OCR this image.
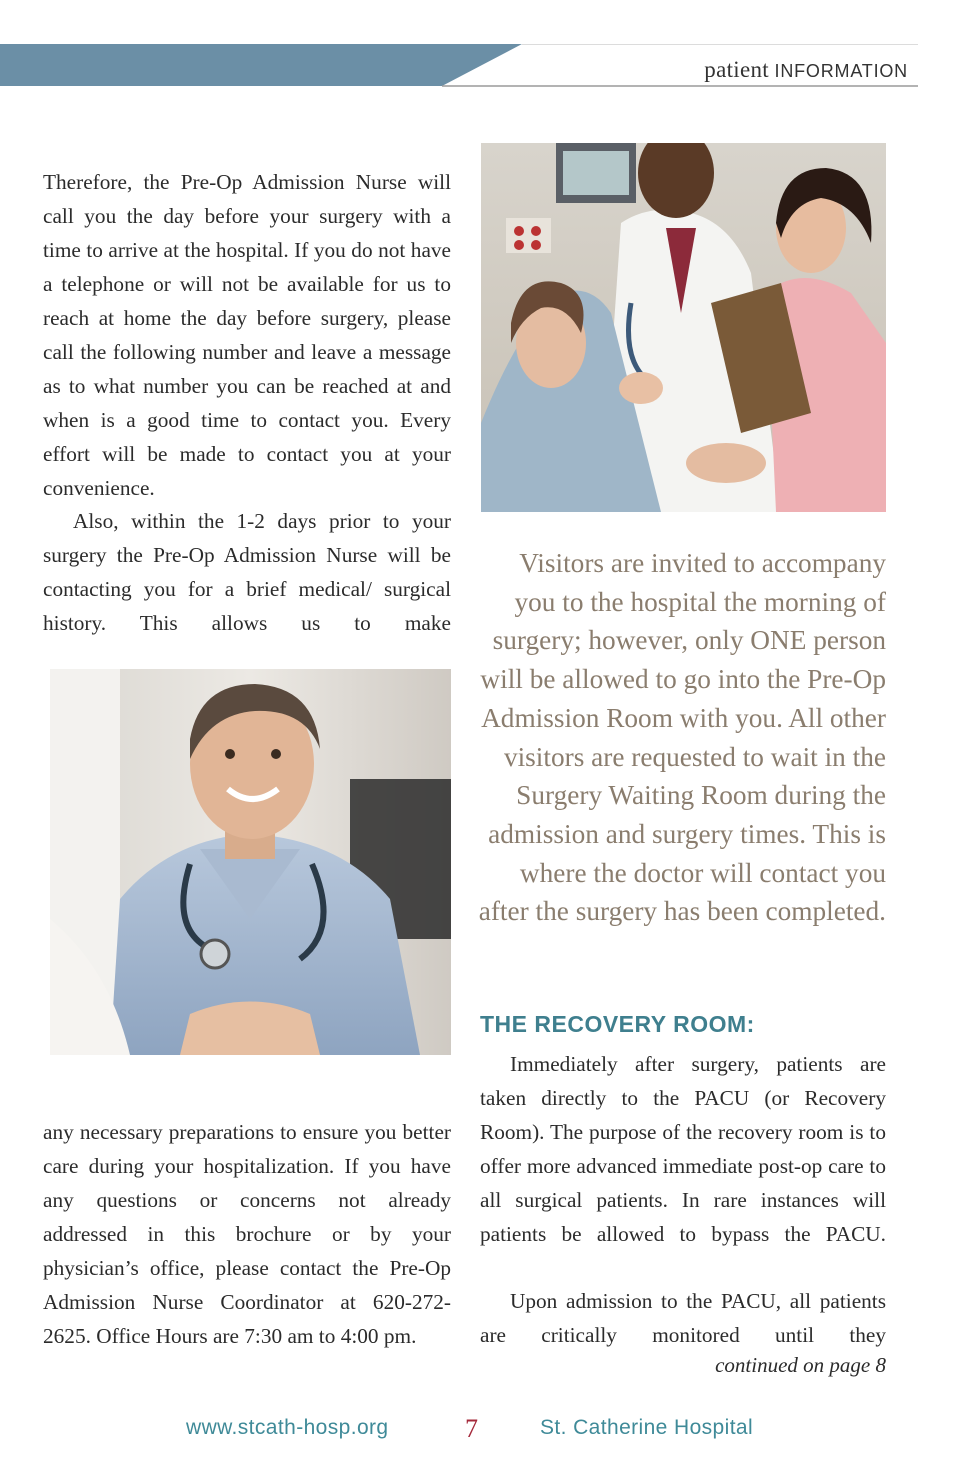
patient INFORMATION

Therefore, the Pre-Op Admission Nurse will call you the day before your surgery with a time to arrive at the hospital. If you do not have a telephone or will not be available for us to reach at home the day before surgery, please call the following number and leave a message as to what number you can be reached at and when is a good time to contact you. Every effort will be made to contact you at your convenience.

Also, within the 1-2 days prior to your surgery the Pre-Op Admission Nurse will be contacting you for a brief medical/ surgical history. This allows us to make

any necessary preparations to ensure you better care during your hospitalization. If you have any questions or concerns not already addressed in this brochure or by your physician’s office, please contact the Pre-Op Admission Nurse Coordinator at 620-272-2625. Office Hours are 7:30 am to 4:00 pm.

Visitors are invited to accompany you to the hospital the morning of surgery; however, only ONE person will be allowed to go into the Pre-Op Admission Room with you. All other visitors are requested to wait in the Surgery Waiting Room during the admission and surgery times. This is where the doctor will contact you after the surgery has been completed.

THE RECOVERY ROOM:

Immediately after surgery, patients are taken directly to the PACU (or Recovery Room). The purpose of the recovery room is to offer more advanced immediate post-op care to all surgical patients. In rare instances will patients be allowed to bypass the PACU.

Upon admission to the PACU, all patients are critically monitored until they

continued on page 8
www.stcath-hosp.org	7	St. Catherine Hospital
